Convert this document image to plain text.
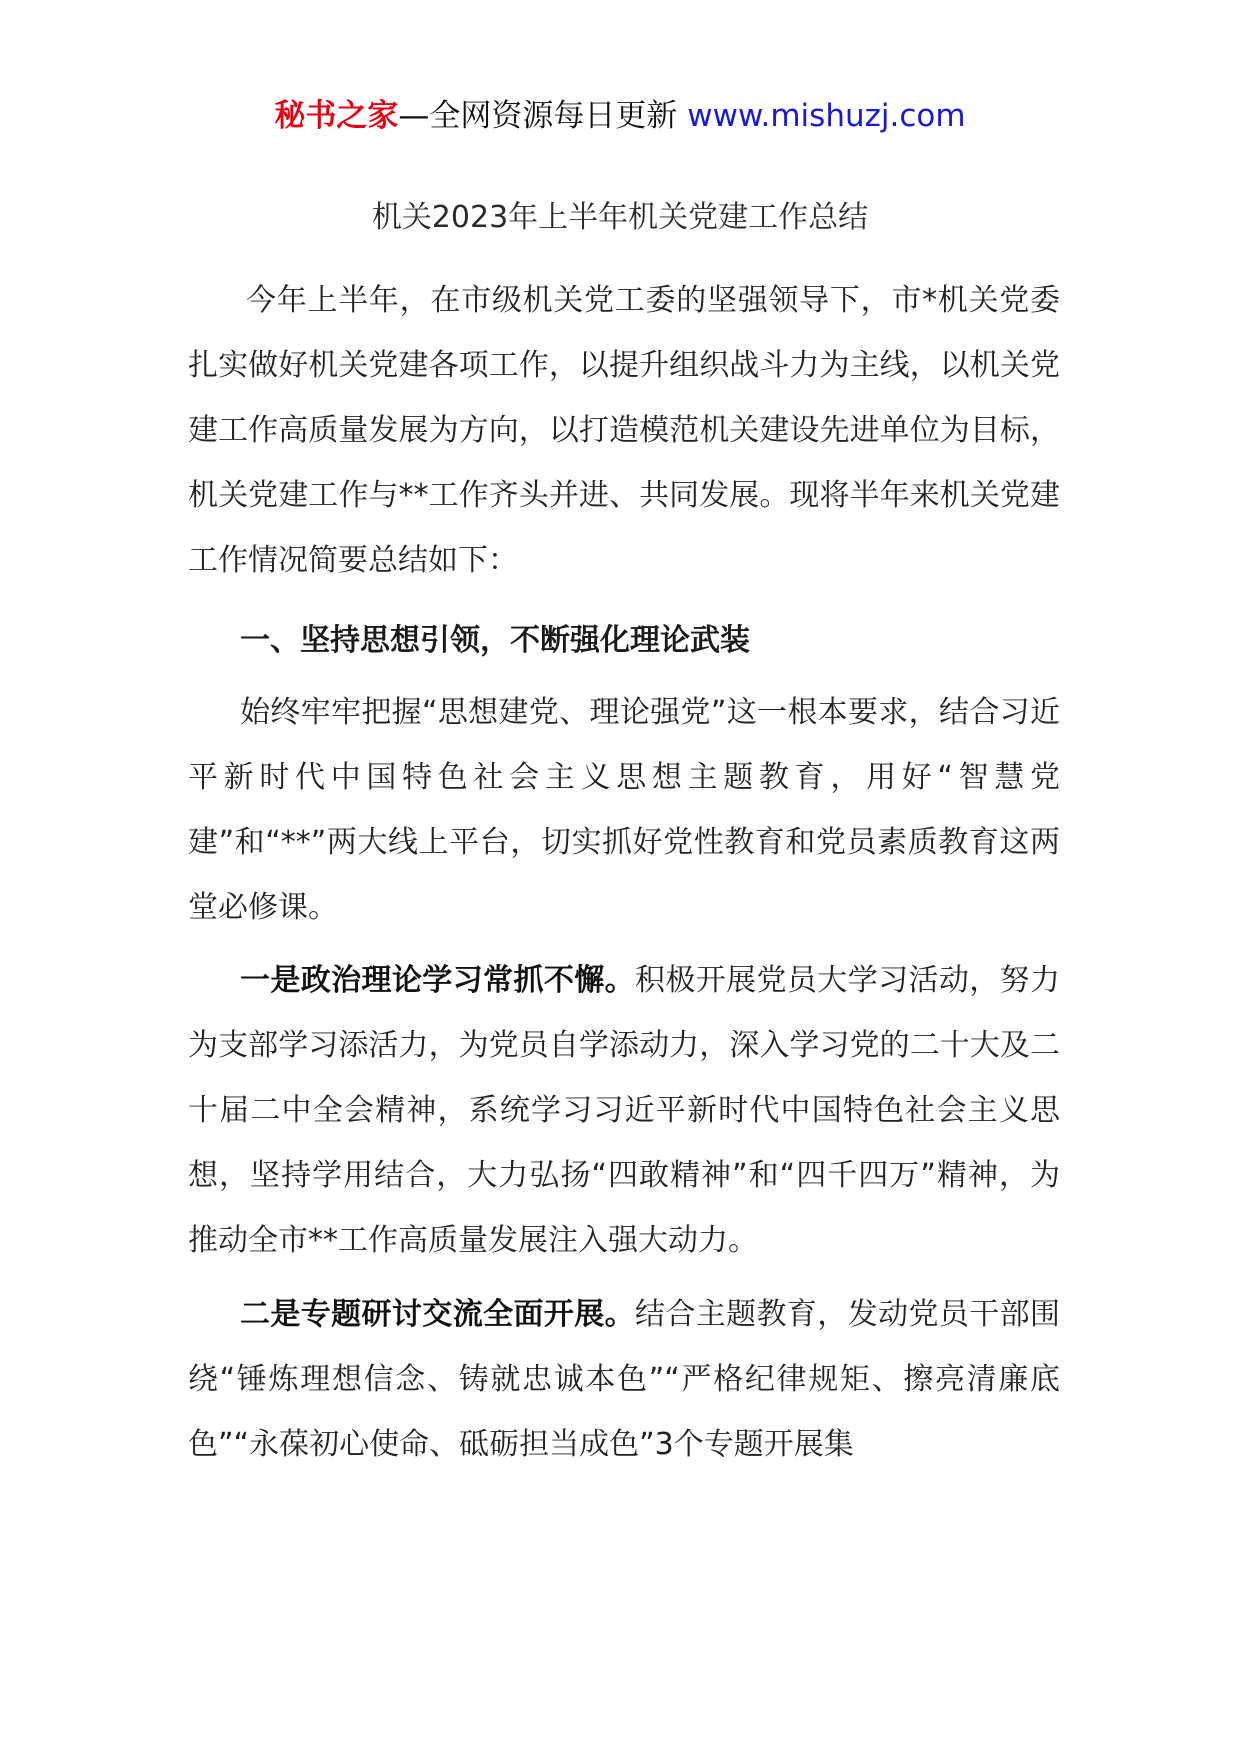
秘书之家—全网资源每日更新 www.mishuzj.com
机关2023年上半年机关党建工作总结

今年上半年，在市级机关党工委的坚强领导下，市*机关党委扎实做好机关党建各项工作，以提升组织战斗力为主线，以机关党建工作高质量发展为方向，以打造模范机关建设先进单位为目标，机关党建工作与**工作齐头并进、共同发展。现将半年来机关党建工作情况简要总结如下：

一、坚持思想引领，不断强化理论武装

始终牢牢把握“思想建党、理论强党”这一根本要求，结合习近平新时代中国特色社会主义思想主题教育，用好“智慧党建”和“**”两大线上平台，切实抓好党性教育和党员素质教育这两堂必修课。

一是政治理论学习常抓不懈。积极开展党员大学习活动，努力为支部学习添活力，为党员自学添动力，深入学习党的二十大及二十届二中全会精神，系统学习习近平新时代中国特色社会主义思想，坚持学用结合，大力弘扬“四敢精神”和“四千四万”精神，为推动全市**工作高质量发展注入强大动力。

二是专题研讨交流全面开展。结合主题教育，发动党员干部围绕“锤炼理想信念、铸就忠诚本色”“严格纪律规矩、擦亮清廉底色”“永葆初心使命、砥砺担当成色”3个专题开展集
